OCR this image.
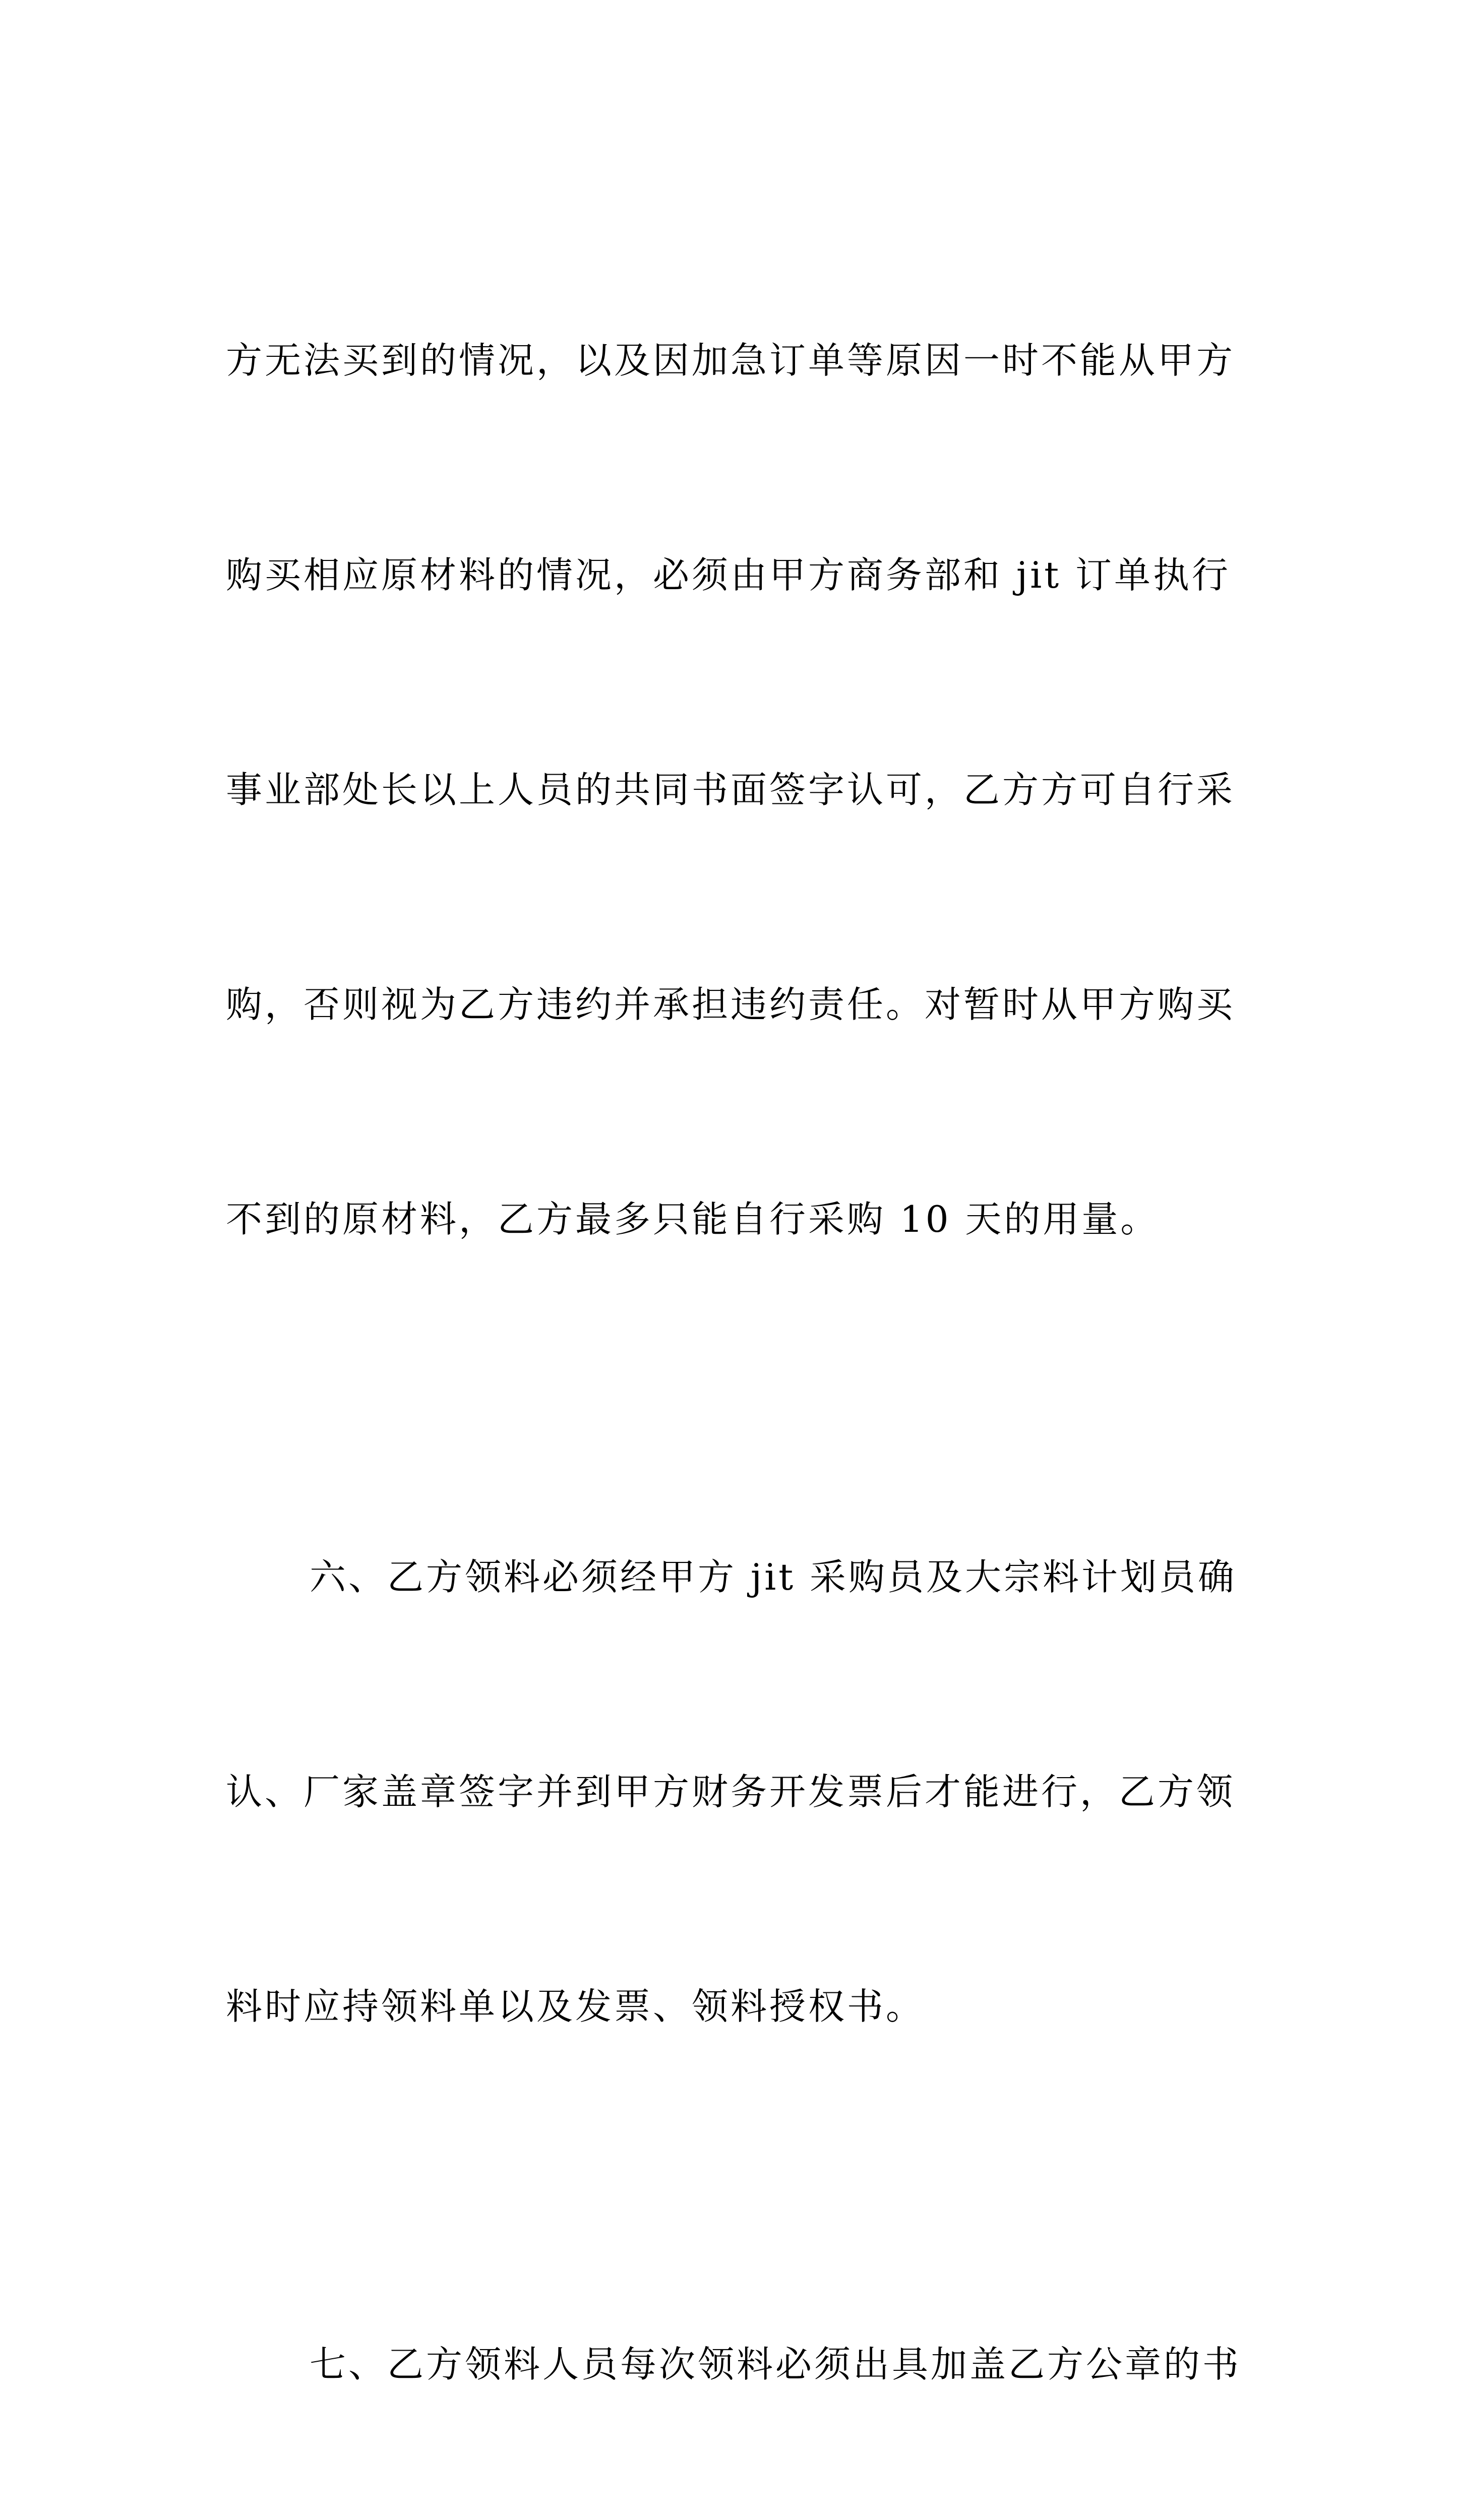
方无法买到的情况，以及因加急订单等原因一时不能从甲方

购买相应原材料的情况，必须由甲方商务部和 jit 订单执行

事业部处长以上人员的共同书面签字认可，乙方方可自行采

购，否则视为乙方违约并承担违约责任。对暂时从甲方购买

不到的原材料，乙方最多只能自行采购 10 天的用量。

六、乙方领料必须经甲方 jit 采购员及大宗料计划员确

认、厂家盖章签字并到甲方财务开发票后才能进行，乙方领

料时应持领料单以及发票、领料授权书。

七、乙方领料人员每次领料必须出具加盖乙方公章的书
